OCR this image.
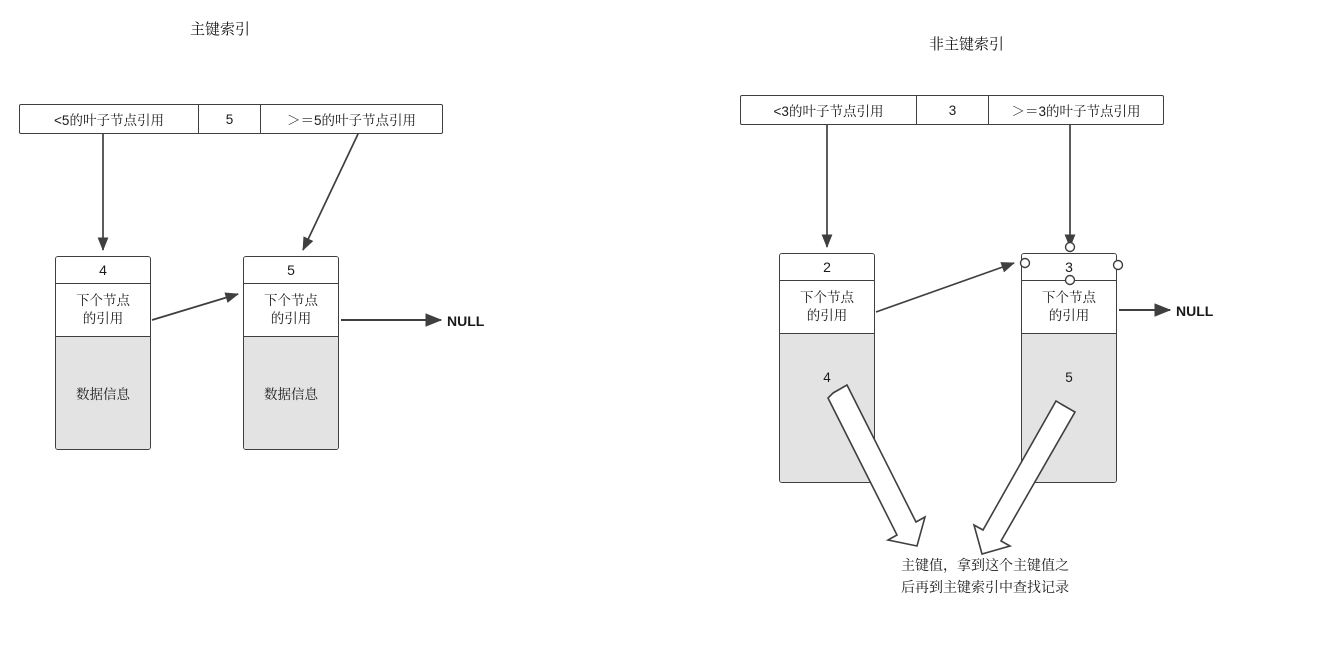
主键索引
<5的叶子节点引用	5	＞＝5的叶子节点引用
4
下个节点
的引用
数据信息
5
下个节点
的引用
数据信息
NULL
非主键索引
<3的叶子节点引用	3	＞＝3的叶子节点引用
2
下个节点
的引用
4
3
下个节点
的引用
5
NULL
主键值，拿到这个主键值之
后再到主键索引中查找记录
